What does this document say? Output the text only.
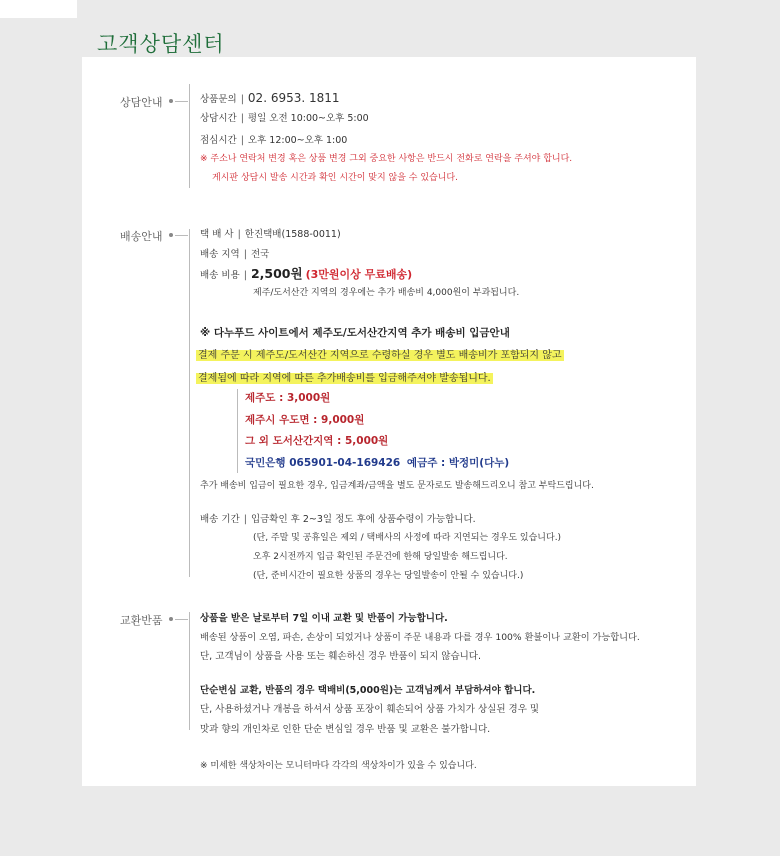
고객상담센터
상담안내	상품문의 | 02. 6953. 1811
상담시간 | 평일 오전 10:00~오후 5:00
점심시간 | 오후 12:00~오후 1:00
※ 주소나 연락처 변경 혹은 상품 변경 그외 중요한 사항은 반드시 전화로 연락을 주셔야 합니다.
게시판 상담시 발송 시간과 확인 시간이 맞지 않을 수 있습니다.
배송안내	택 배 사 | 한진택배(1588-0011)
배송 지역 | 전국
배송 비용 | 2,500원 (3만원이상 무료배송)
제주/도서산간 지역의 경우에는 추가 배송비 4,000원이 부과됩니다.
※ 다누푸드 사이트에서 제주도/도서산간지역 추가 배송비 입금안내
결제 주문 시 제주도/도서산간 지역으로 수령하실 경우 별도 배송비가 포함되지 않고
결제됨에 따라 지역에 따른 추가배송비를 입금해주셔야 발송됩니다.
제주도 : 3,000원
제주시 우도면 : 9,000원
그 외 도서산간지역 : 5,000원
국민은행 065901-04-169426 예금주 : 박정미(다누)
추가 배송비 입금이 필요한 경우, 입금계좌/금액을 별도 문자로도 발송해드리오니 참고 부탁드립니다.
배송 기간 | 입금확인 후 2~3일 정도 후에 상품수령이 가능합니다.
(단, 주말 및 공휴일은 제외 / 택배사의 사정에 따라 지연되는 경우도 있습니다.)
오후 2시전까지 입금 확인된 주문건에 한해 당일발송 해드립니다.
(단, 준비시간이 필요한 상품의 경우는 당일발송이 안될 수 있습니다.)
교환반품	상품을 받은 날로부터 7일 이내 교환 및 반품이 가능합니다.
배송된 상품이 오염, 파손, 손상이 되었거나 상품이 주문 내용과 다를 경우 100% 환불이나 교환이 가능합니다.
단, 고객님이 상품을 사용 또는 훼손하신 경우 반품이 되지 않습니다.
단순변심 교환, 반품의 경우 택배비(5,000원)는 고객님께서 부담하셔야 합니다.
단, 사용하셨거나 개봉을 하셔서 상품 포장이 훼손되어 상품 가치가 상실된 경우 및
맛과 향의 개인차로 인한 단순 변심일 경우 반품 및 교환은 불가합니다.
※ 미세한 색상차이는 모니터마다 각각의 색상차이가 있을 수 있습니다.
